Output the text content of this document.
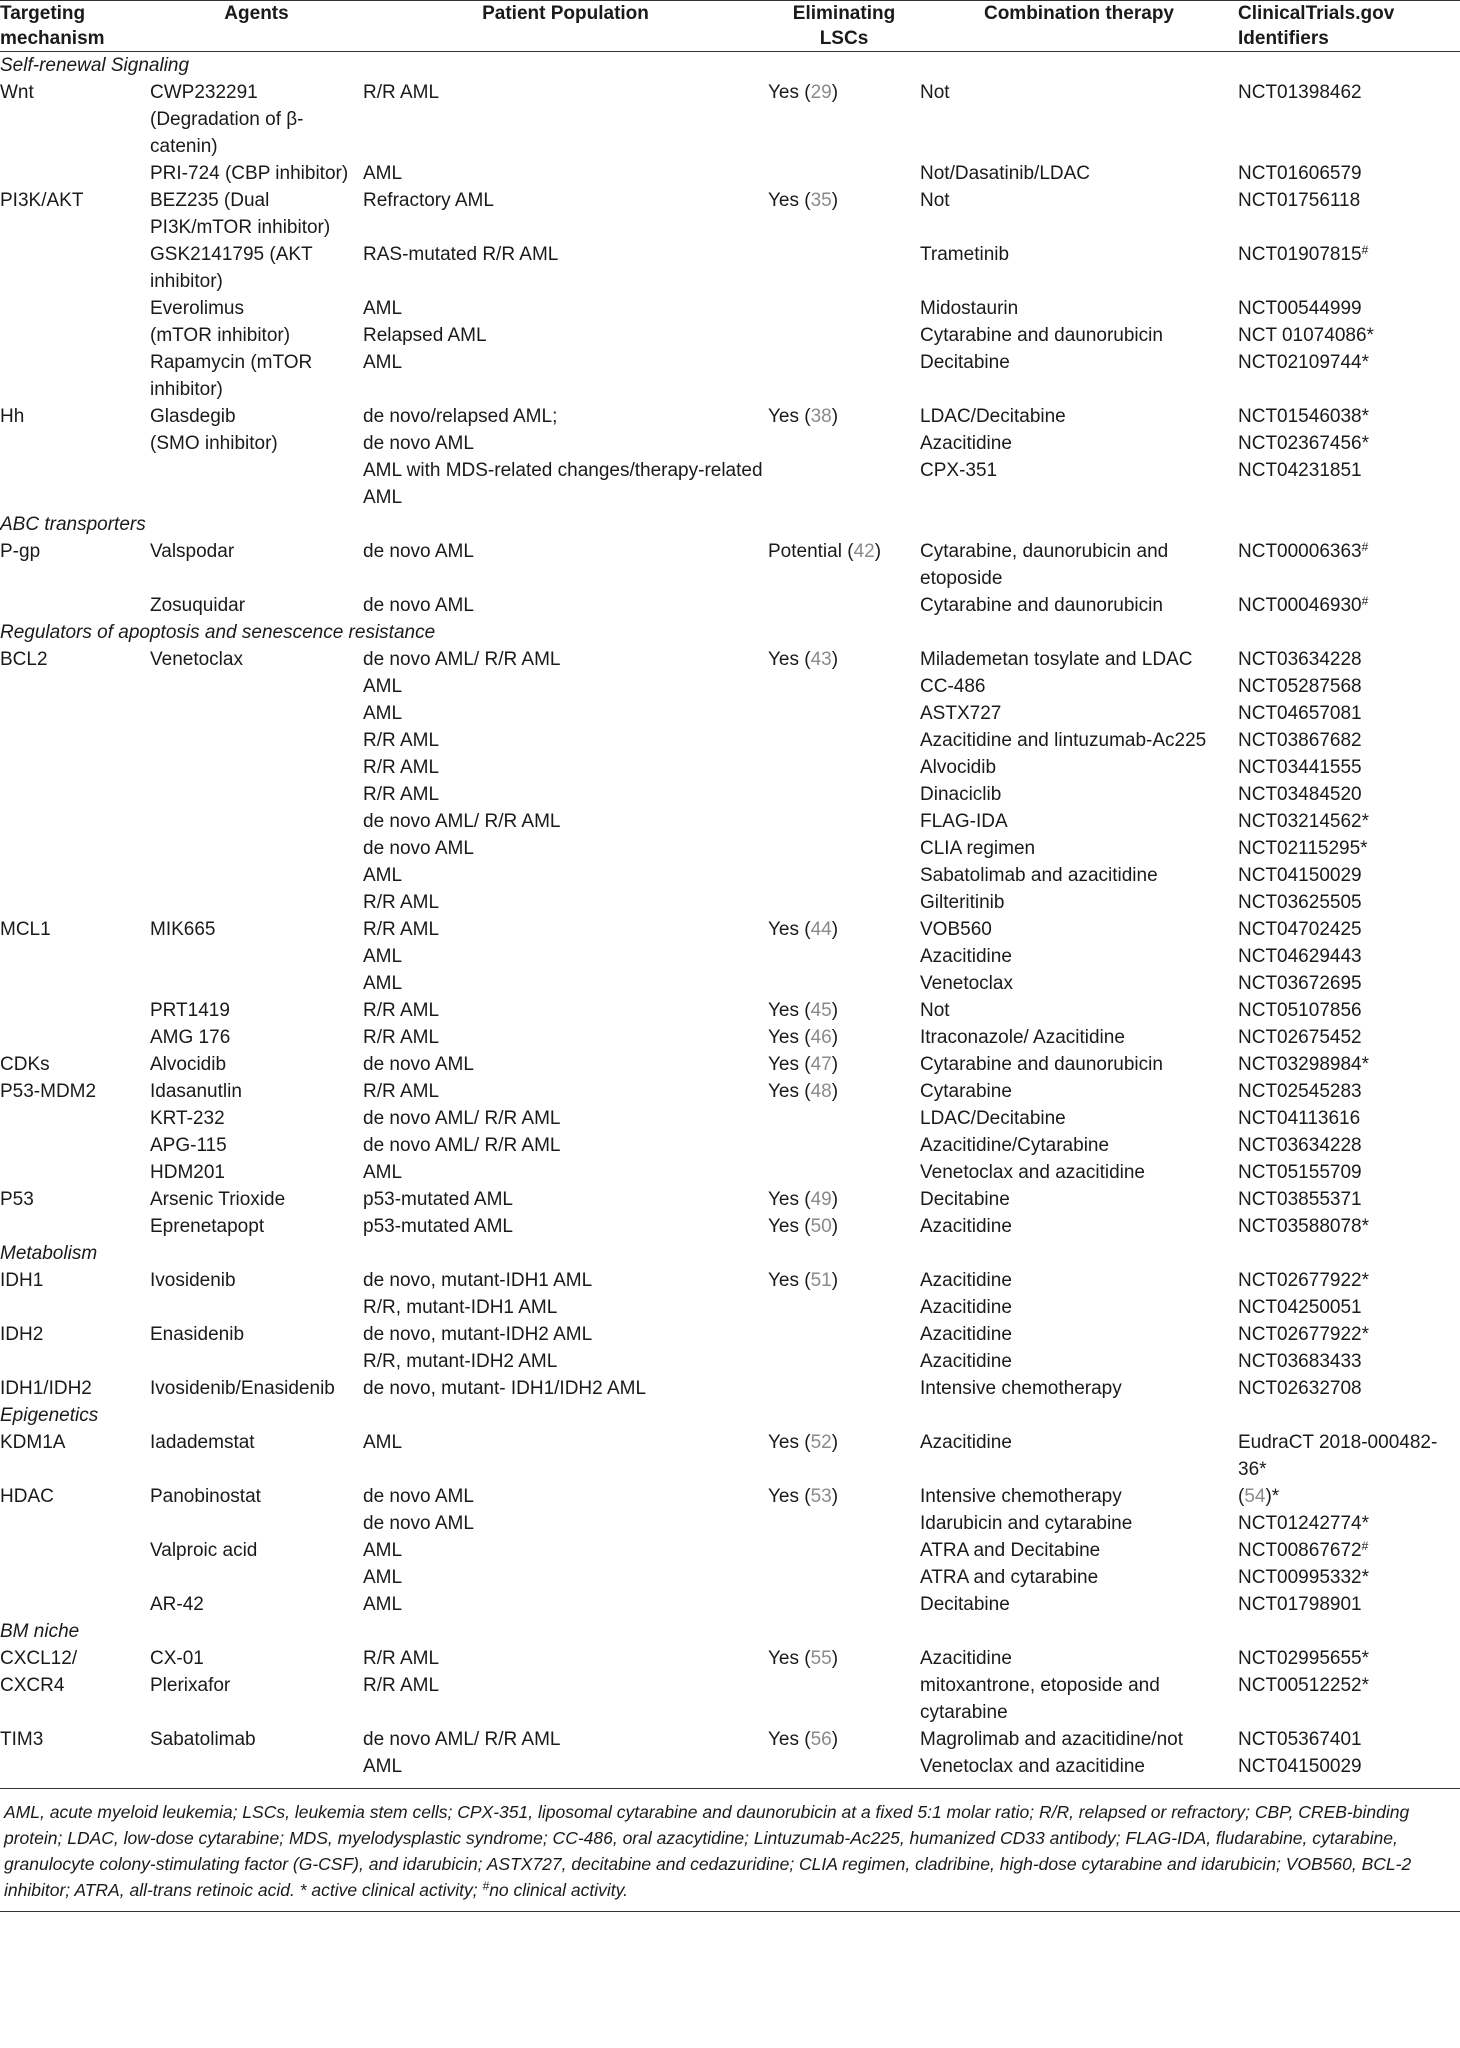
Targeting mechanism	Agents	Patient Population	Eliminating LSCs	Combination therapy	ClinicalTrials.gov Identifiers
Self-renewal Signaling					
Wnt	CWP232291 (Degradation of β-catenin)	R/R AML	Yes (29)	Not	NCT01398462
	PRI-724 (CBP inhibitor)	AML		Not/Dasatinib/LDAC	NCT01606579
PI3K/AKT	BEZ235 (Dual PI3K/mTOR inhibitor)	Refractory AML	Yes (35)	Not	NCT01756118
	GSK2141795 (AKT inhibitor)	RAS-mutated R/R AML		Trametinib	NCT01907815#
	Everolimus	AML		Midostaurin	NCT00544999
	(mTOR inhibitor)	Relapsed AML		Cytarabine and daunorubicin	NCT 01074086*
	Rapamycin (mTOR inhibitor)	AML		Decitabine	NCT02109744*
Hh	Glasdegib	de novo/relapsed AML;	Yes (38)	LDAC/Decitabine	NCT01546038*
	(SMO inhibitor)	de novo AML		Azacitidine	NCT02367456*
		AML with MDS-related changes/therapy-related AML		CPX-351	NCT04231851
ABC transporters					
P-gp	Valspodar	de novo AML	Potential (42)	Cytarabine, daunorubicin and etoposide	NCT00006363#
	Zosuquidar	de novo AML		Cytarabine and daunorubicin	NCT00046930#
Regulators of apoptosis and senescence resistance					
BCL2	Venetoclax	de novo AML/ R/R AML	Yes (43)	Milademetan tosylate and LDAC	NCT03634228
		AML		CC-486	NCT05287568
		AML		ASTX727	NCT04657081
		R/R AML		Azacitidine and lintuzumab-Ac225	NCT03867682
		R/R AML		Alvocidib	NCT03441555
		R/R AML		Dinaciclib	NCT03484520
		de novo AML/ R/R AML		FLAG-IDA	NCT03214562*
		de novo AML		CLIA regimen	NCT02115295*
		AML		Sabatolimab and azacitidine	NCT04150029
		R/R AML		Gilteritinib	NCT03625505
MCL1	MIK665	R/R AML	Yes (44)	VOB560	NCT04702425
		AML		Azacitidine	NCT04629443
		AML		Venetoclax	NCT03672695
	PRT1419	R/R AML	Yes (45)	Not	NCT05107856
	AMG 176	R/R AML	Yes (46)	Itraconazole/ Azacitidine	NCT02675452
CDKs	Alvocidib	de novo AML	Yes (47)	Cytarabine and daunorubicin	NCT03298984*
P53-MDM2	Idasanutlin	R/R AML	Yes (48)	Cytarabine	NCT02545283
	KRT-232	de novo AML/ R/R AML		LDAC/Decitabine	NCT04113616
	APG-115	de novo AML/ R/R AML		Azacitidine/Cytarabine	NCT03634228
	HDM201	AML		Venetoclax and azacitidine	NCT05155709
P53	Arsenic Trioxide	p53-mutated AML	Yes (49)	Decitabine	NCT03855371
	Eprenetapopt	p53-mutated AML	Yes (50)	Azacitidine	NCT03588078*
Metabolism					
IDH1	Ivosidenib	de novo, mutant-IDH1 AML	Yes (51)	Azacitidine	NCT02677922*
		R/R, mutant-IDH1 AML		Azacitidine	NCT04250051
IDH2	Enasidenib	de novo, mutant-IDH2 AML		Azacitidine	NCT02677922*
		R/R, mutant-IDH2 AML		Azacitidine	NCT03683433
IDH1/IDH2	Ivosidenib/Enasidenib	de novo, mutant- IDH1/IDH2 AML		Intensive chemotherapy	NCT02632708
Epigenetics					
KDM1A	Iadademstat	AML	Yes (52)	Azacitidine	EudraCT 2018-000482-36*
HDAC	Panobinostat	de novo AML	Yes (53)	Intensive chemotherapy	(54)*
		de novo AML		Idarubicin and cytarabine	NCT01242774*
	Valproic acid	AML		ATRA and Decitabine	NCT00867672#
		AML		ATRA and cytarabine	NCT00995332*
	AR-42	AML		Decitabine	NCT01798901
BM niche					
CXCL12/	CX-01	R/R AML	Yes (55)	Azacitidine	NCT02995655*
CXCR4	Plerixafor	R/R AML		mitoxantrone, etoposide and cytarabine	NCT00512252*
TIM3	Sabatolimab	de novo AML/ R/R AML	Yes (56)	Magrolimab and azacitidine/not	NCT05367401
		AML		Venetoclax and azacitidine	NCT04150029
AML, acute myeloid leukemia; LSCs, leukemia stem cells; CPX-351, liposomal cytarabine and daunorubicin at a fixed 5:1 molar ratio; R/R, relapsed or refractory; CBP, CREB-binding protein; LDAC, low-dose cytarabine; MDS, myelodysplastic syndrome; CC-486, oral azacytidine; Lintuzumab-Ac225, humanized CD33 antibody; FLAG-IDA, fludarabine, cytarabine, granulocyte colony-stimulating factor (G-CSF), and idarubicin; ASTX727, decitabine and cedazuridine; CLIA regimen, cladribine, high-dose cytarabine and idarubicin; VOB560, BCL-2 inhibitor; ATRA, all-trans retinoic acid. * active clinical activity; #no clinical activity.
